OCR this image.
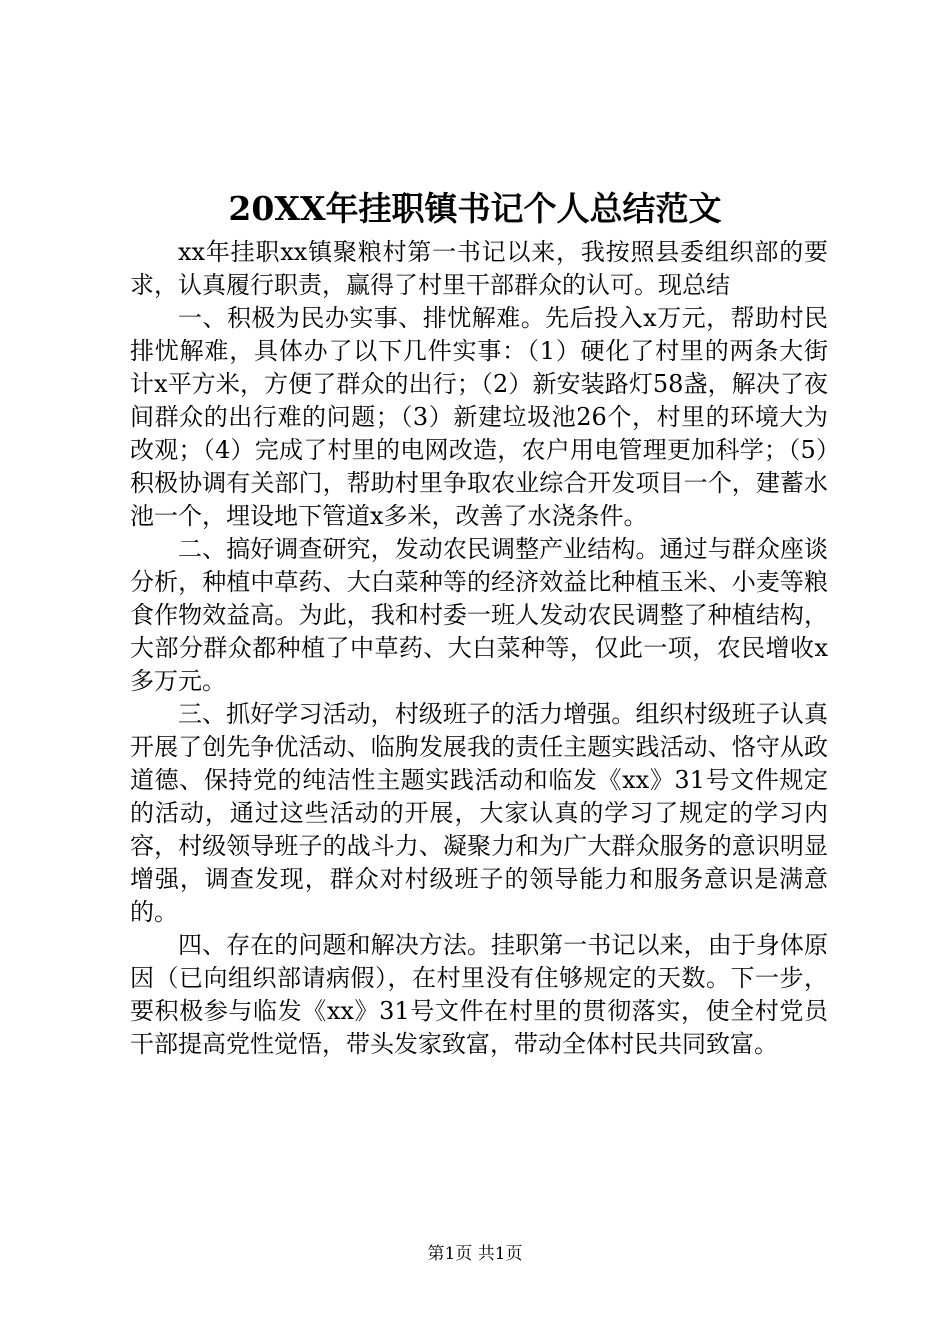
20XX年挂职镇书记个人总结范文

xx年挂职xx镇聚粮村第一书记以来，我按照县委组织部的要求，认真履行职责，赢得了村里干部群众的认可。现总结

一、积极为民办实事、排忧解难。先后投入x万元，帮助村民排忧解难，具体办了以下几件实事：（1）硬化了村里的两条大街计x平方米，方便了群众的出行；（2）新安装路灯58盏，解决了夜间群众的出行难的问题；（3）新建垃圾池26个，村里的环境大为改观；（4）完成了村里的电网改造，农户用电管理更加科学；（5）积极协调有关部门，帮助村里争取农业综合开发项目一个，建蓄水池一个，埋设地下管道x多米，改善了水浇条件。

二、搞好调查研究，发动农民调整产业结构。通过与群众座谈分析，种植中草药、大白菜种等的经济效益比种植玉米、小麦等粮食作物效益高。为此，我和村委一班人发动农民调整了种植结构，大部分群众都种植了中草药、大白菜种等，仅此一项，农民增收x多万元。

三、抓好学习活动，村级班子的活力增强。组织村级班子认真开展了创先争优活动、临朐发展我的责任主题实践活动、恪守从政道德、保持党的纯洁性主题实践活动和临发《xx》31号文件规定的活动，通过这些活动的开展，大家认真的学习了规定的学习内容，村级领导班子的战斗力、凝聚力和为广大群众服务的意识明显增强，调查发现，群众对村级班子的领导能力和服务意识是满意的。

四、存在的问题和解决方法。挂职第一书记以来，由于身体原因（已向组织部请病假），在村里没有住够规定的天数。下一步，要积极参与临发《xx》31号文件在村里的贯彻落实，使全村党员干部提高党性觉悟，带头发家致富，带动全体村民共同致富。

第1页 共1页
